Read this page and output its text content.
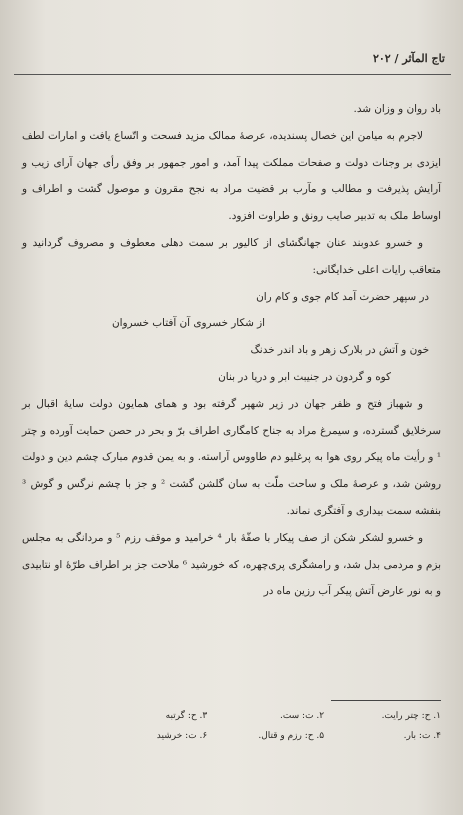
تاج المآثر / ۲۰۲

باد روان و وزان شد.

لاجرم به میامن این خصال پسندیده، عرصهٔ ممالک مزید فسحت و اتّساع یافت و امارات لطف ایزدی بر وجنات دولت و صفحات مملکت پیدا آمد، و امور جمهور بر وفق رأی جهان آرای زیب و آرایش پذیرفت و مطالب و مآرب بر قضیت مراد به نجح مقرون و موصول گشت و اطراف و اوساط ملک به تدبیر صایب رونق و طراوت افزود.

و خسرو عدوبند عنان جهانگشای از کالیور بر سمت دهلی معطوف و مصروف گردانید و متعاقب رایات اعلی خدایگانی:

در سپهر حضرت آمد کام جوی و کام ران

از شکار خسروی آن آفتاب خسروان

خون و آتش در بلارک زهر و باد اندر خدنگ

کوه و گردون در جنیبت ابر و دریا در بنان

و شهباز فتح و ظفر جهان در زیر شهپر گرفته بود و همای همایون دولت سایهٔ اقبال بر سرخلایق گسترده، و سیمرغ مراد به جناح کامگاری اطراف برّ و بحر در حصن حمایت آورده و چتر ¹ و رأیت ماه پیکر روی هوا به پرغلیو دم طاووس آراسته. و به یمن قدوم مبارک چشم دین و دولت روشن شد، و عرصهٔ ملک و ساحت ملّت به سان گلشن گشت ² و جز با چشم نرگس و گوش ³ بنفشه سمت بیداری و آفتگری نماند.

و خسرو لشکر شکن از صف پیکار با صفّهٔ بار ⁴ خرامید و موقف رزم ⁵ و مردانگی به مجلس بزم و مردمی بدل شد، و رامشگری پری‌چهره، که خورشید ⁶ ملاحت جز بر اطراف طرّهٔ او نتابیدی و به نور عارض آتش پیکر آب رزین ماه در

۱. ح: چتر رایت.
۲. ت: ست.
۳. ح: گرتبه
۴. ت: بار.
۵. ح: رزم و قتال.
۶. ت: خرشید
